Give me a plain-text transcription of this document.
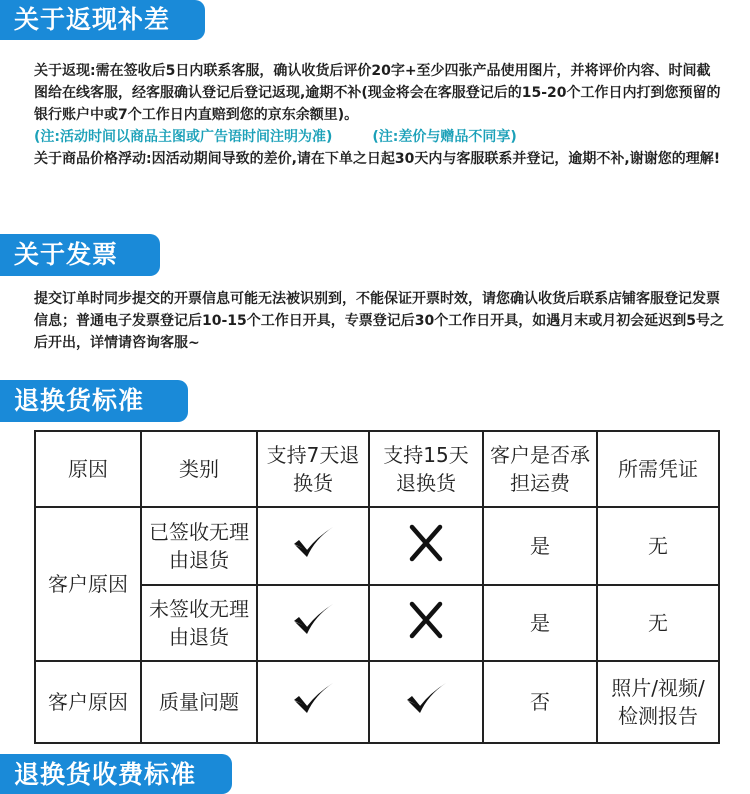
关于返现补差
关于返现:需在签收后5日内联系客服，确认收货后评价20字+至少四张产品使用图片，并将评价内容、时间截图给在线客服，经客服确认登记后登记返现,逾期不补(现金将会在客服登记后的15-20个工作日内打到您预留的银行账户中或7个工作日内直赔到您的京东余额里)。
(注:活动时间以商品主图或广告语时间注明为准)	(注:差价与赠品不同享)
关于商品价格浮动:因活动期间导致的差价,请在下单之日起30天内与客服联系并登记，逾期不补,谢谢您的理解!
关于发票
提交订单时同步提交的开票信息可能无法被识别到，不能保证开票时效，请您确认收货后联系店铺客服登记发票信息；普通电子发票登记后10-15个工作日开具，专票登记后30个工作日开具，如遇月末或月初会延迟到5号之后开出，详情请咨询客服~
退换货标准
原因	类别	支持7天退换货	支持15天退换货	客户是否承担运费	所需凭证
客户原因	已签收无理由退货			是	无
	未签收无理由退货			是	无
客户原因	质量问题			否	照片/视频/检测报告
退换货收费标准
